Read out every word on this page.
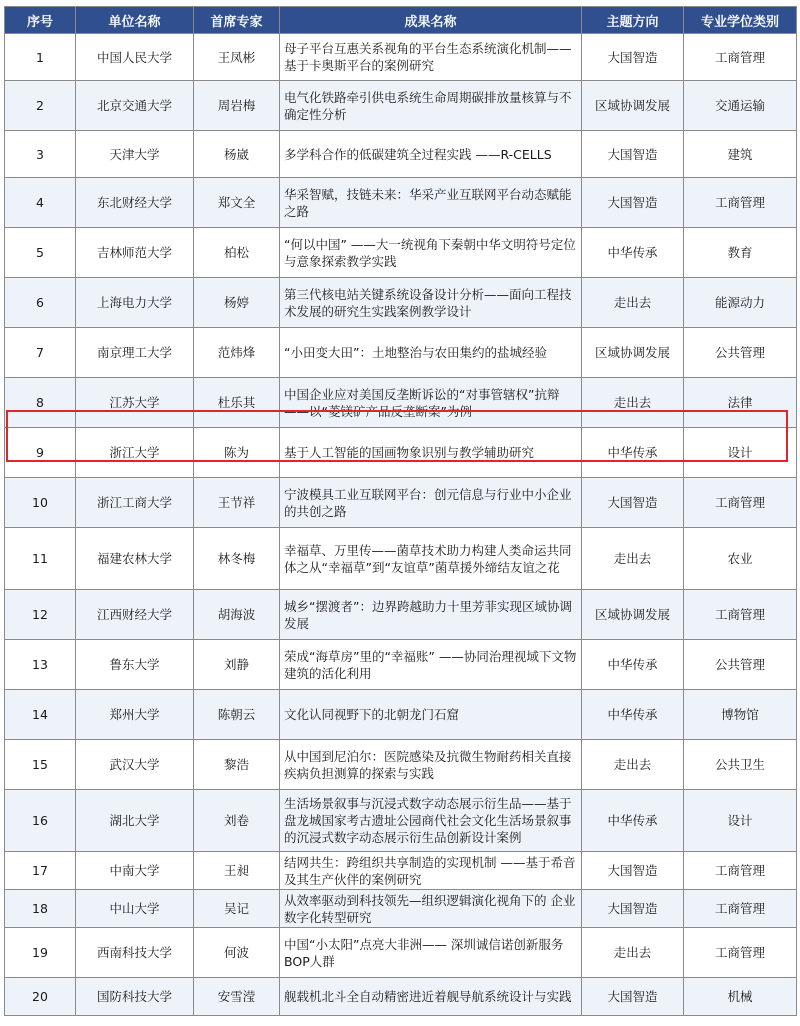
序号	单位名称	首席专家	成果名称	主题方向	专业学位类别
1	中国人民大学	王凤彬	母子平台互惠关系视角的平台生态系统演化机制——基于卡奥斯平台的案例研究	大国智造	工商管理
2	北京交通大学	周岩梅	电气化铁路牵引供电系统生命周期碳排放量核算与不确定性分析	区域协调发展	交通运输
3	天津大学	杨崴	多学科合作的低碳建筑全过程实践 ——R-CELLS	大国智造	建筑
4	东北财经大学	郑文全	华采智赋，技链未来：华采产业互联网平台动态赋能之路	大国智造	工商管理
5	吉林师范大学	柏松	“何以中国” ——大一统视角下秦朝中华文明符号定位与意象探索教学实践	中华传承	教育
6	上海电力大学	杨婷	第三代核电站关键系统设备设计分析——面向工程技术发展的研究生实践案例教学设计	走出去	能源动力
7	南京理工大学	范炜烽	“小田变大田”：土地整治与农田集约的盐城经验	区域协调发展	公共管理
8	江苏大学	杜乐其	中国企业应对美国反垄断诉讼的“对事管辖权”抗辩——以“菱镁矿产品反垄断案”为例	走出去	法律
9	浙江大学	陈为	基于人工智能的国画物象识别与教学辅助研究	中华传承	设计
10	浙江工商大学	王节祥	宁波模具工业互联网平台：创元信息与行业中小企业的共创之路	大国智造	工商管理
11	福建农林大学	林冬梅	幸福草、万里传——菌草技术助力构建人类命运共同体之从“幸福草”到“友谊草”菌草援外缔结友谊之花	走出去	农业
12	江西财经大学	胡海波	城乡“摆渡者”：边界跨越助力十里芳菲实现区域协调发展	区域协调发展	工商管理
13	鲁东大学	刘静	荣成“海草房”里的“幸福账” ——协同治理视域下文物建筑的活化利用	中华传承	公共管理
14	郑州大学	陈朝云	文化认同视野下的北朝龙门石窟	中华传承	博物馆
15	武汉大学	黎浩	从中国到尼泊尔：医院感染及抗微生物耐药相关直接疾病负担测算的探索与实践	走出去	公共卫生
16	湖北大学	刘卷	生活场景叙事与沉浸式数字动态展示衍生品——基于盘龙城国家考古遗址公园商代社会文化生活场景叙事的沉浸式数字动态展示衍生品创新设计案例	中华传承	设计
17	中南大学	王昶	结网共生：跨组织共享制造的实现机制 ——基于希音及其生产伙伴的案例研究	大国智造	工商管理
18	中山大学	吴记	从效率驱动到科技领先—组织逻辑演化视角下的 企业数字化转型研究	大国智造	工商管理
19	西南科技大学	何波	中国“小太阳”点亮大非洲—— 深圳诚信诺创新服务BOP人群	走出去	工商管理
20	国防科技大学	安雪滢	舰载机北斗全自动精密进近着舰导航系统设计与实践	大国智造	机械
